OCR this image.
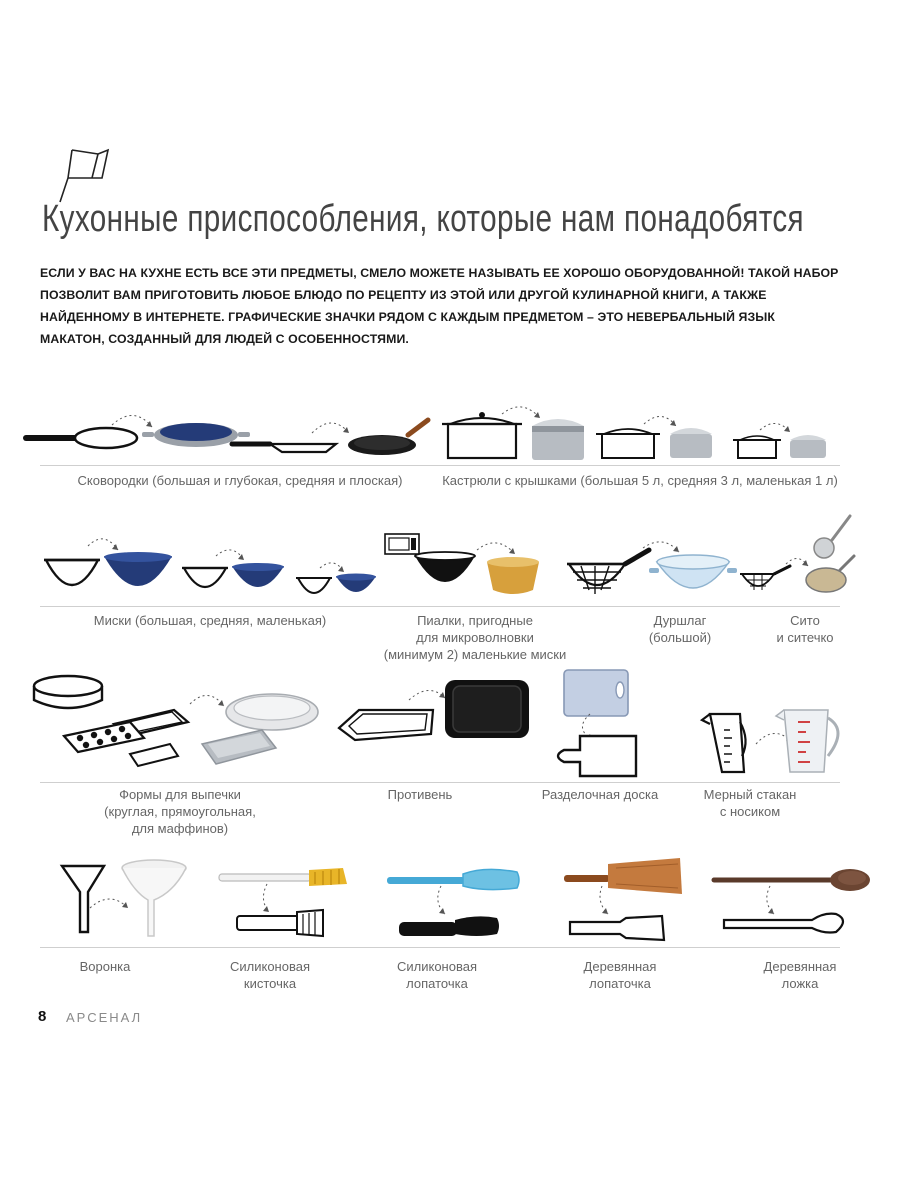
Кухонные приспособления, которые нам понадобятся

ЕСЛИ У ВАС НА КУХНЕ ЕСТЬ ВСЕ ЭТИ ПРЕДМЕТЫ, СМЕЛО МОЖЕТЕ НАЗЫВАТЬ ЕЕ ХОРОШО ОБОРУДОВАННОЙ! ТАКОЙ НАБОР ПОЗВОЛИТ ВАМ ПРИГОТОВИТЬ ЛЮБОЕ БЛЮДО ПО РЕЦЕПТУ ИЗ ЭТОЙ ИЛИ ДРУГОЙ КУЛИНАРНОЙ КНИГИ, А ТАКЖЕ НАЙДЕННОМУ В ИНТЕРНЕТЕ. ГРАФИЧЕСКИЕ ЗНАЧКИ РЯДОМ С КАЖДЫМ ПРЕДМЕТОМ – ЭТО НЕВЕРБАЛЬНЫЙ ЯЗЫК МАКАТОН, СОЗДАННЫЙ ДЛЯ ЛЮДЕЙ С ОСОБЕННОСТЯМИ.

Сковородки (большая и глубокая, средняя и плоская)	Кастрюли с крышками (большая 5 л, средняя 3 л, маленькая 1 л)
Миски (большая, средняя, маленькая)	Пиалки, пригодные
для микроволновки
(минимум 2) маленькие миски
Дуршлаг
(большой)
Сито
и ситечко
Формы для выпечки
(круглая, прямоугольная,
для маффинов)
Противень	Разделочная доска	Мерный стакан
с носиком
Воронка	Силиконовая
кисточка
Силиконовая
лопаточка
Деревянная
лопаточка
Деревянная
ложка
8 АРСЕНАЛ
